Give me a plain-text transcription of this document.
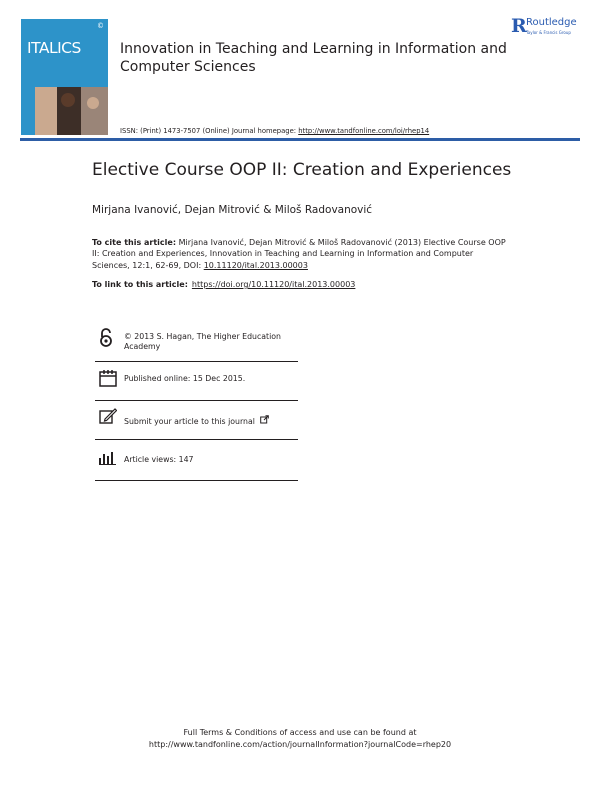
©
ITALICS	Innovation in Teaching and Learning in Information and Computer Sciences
R Routledge
Taylor & Francis Group
ISSN: (Print) 1473-7507 (Online) Journal homepage: http://www.tandfonline.com/loi/rhep14
Elective Course OOP II: Creation and Experiences
Mirjana Ivanović, Dejan Mitrović & Miloš Radovanović
To cite this article: Mirjana Ivanović, Dejan Mitrović & Miloš Radovanović (2013) Elective Course OOP II: Creation and Experiences, Innovation in Teaching and Learning in Information and Computer Sciences, 12:1, 62-69, DOI: 10.11120/ital.2013.00003
To link to this article: https://doi.org/10.11120/ital.2013.00003
© 2013 S. Hagan, The Higher Education Academy
Published online: 15 Dec 2015.
Submit your article to this journal
Article views: 147
Full Terms & Conditions of access and use can be found at
http://www.tandfonline.com/action/journalInformation?journalCode=rhep20
